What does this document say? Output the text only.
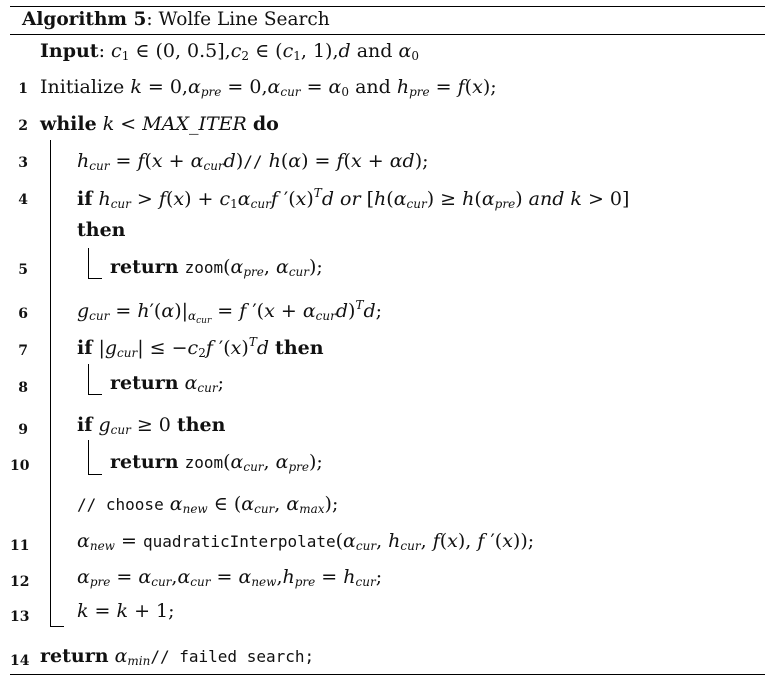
Algorithm 5: Wolfe Line Search
Input: c1 ∈ (0, 0.5],c2 ∈ (c1, 1),d and α0
1 Initialize $k = 0,\alpha_{pre} = 0,\alpha_{cur} = \alpha 0$ and $h_{pre} = f(x)$;
2 while k < MAX_ITER do
3	$h_{cur} = f(x + \alpha_{cur}d)//$ h(α) = f(x + αd);
4	if $h_{cur} > f(x) + c1\alpha_{cur}f$ $'(x)^Td$ or [$h(\alpha_{cur}) \ge h(\alpha_{pre})$ and k > 0]
then
5	return $zoom(\alpha_{pre}$, $\alpha_{cur}$);
6	$g_{cur} = h'(\alpha)|_{\alpha cur} = f$ $'(x + \alpha_{cur}d)^Td$;
7	if $|g_{cur}| \le -c2f$ $'(x)^Td$ then
8	return $\alpha_{cur}$;
9	if $g_{cur} \ge 0$ then
10	return $zoom(\alpha_{cur}$, $\alpha_{pre}$);
// choose $\alpha_{new}$ ∈ ($\alpha_{cur}$, $\alpha_{max}$);
11	$\alpha_{new}$ = $quadraticInterpolate(\alpha_{cur}$, $h_{cur}$, f(x), f ′(x));
12	$\alpha_{pre} = \alpha_{cur},\alpha_{cur} = \alpha_{new},h_{pre} = h_{cur}$;
13	k = k + 1;
14 return $\alpha_{min}//$ failed search;
